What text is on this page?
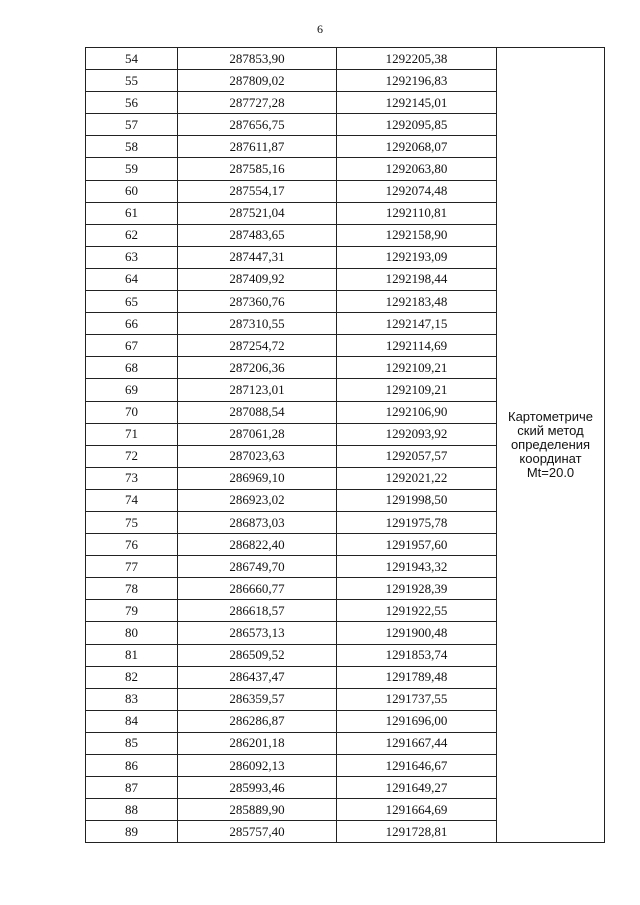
6
54	287853,90	1292205,38	Картометриче
ский метод
определения
координат
Mt=20.0

55	287809,02	1292196,83	
56	287727,28	1292145,01	
57	287656,75	1292095,85	
58	287611,87	1292068,07	
59	287585,16	1292063,80	
60	287554,17	1292074,48	
61	287521,04	1292110,81	
62	287483,65	1292158,90	
63	287447,31	1292193,09	
64	287409,92	1292198,44	
65	287360,76	1292183,48	
66	287310,55	1292147,15	
67	287254,72	1292114,69	
68	287206,36	1292109,21	
69	287123,01	1292109,21	
70	287088,54	1292106,90	
71	287061,28	1292093,92	
72	287023,63	1292057,57	
73	286969,10	1292021,22	
74	286923,02	1291998,50	
75	286873,03	1291975,78	
76	286822,40	1291957,60	
77	286749,70	1291943,32	
78	286660,77	1291928,39	
79	286618,57	1291922,55	
80	286573,13	1291900,48	
81	286509,52	1291853,74	
82	286437,47	1291789,48	
83	286359,57	1291737,55	
84	286286,87	1291696,00	
85	286201,18	1291667,44	
86	286092,13	1291646,67	
87	285993,46	1291649,27	
88	285889,90	1291664,69	
89	285757,40	1291728,81	
